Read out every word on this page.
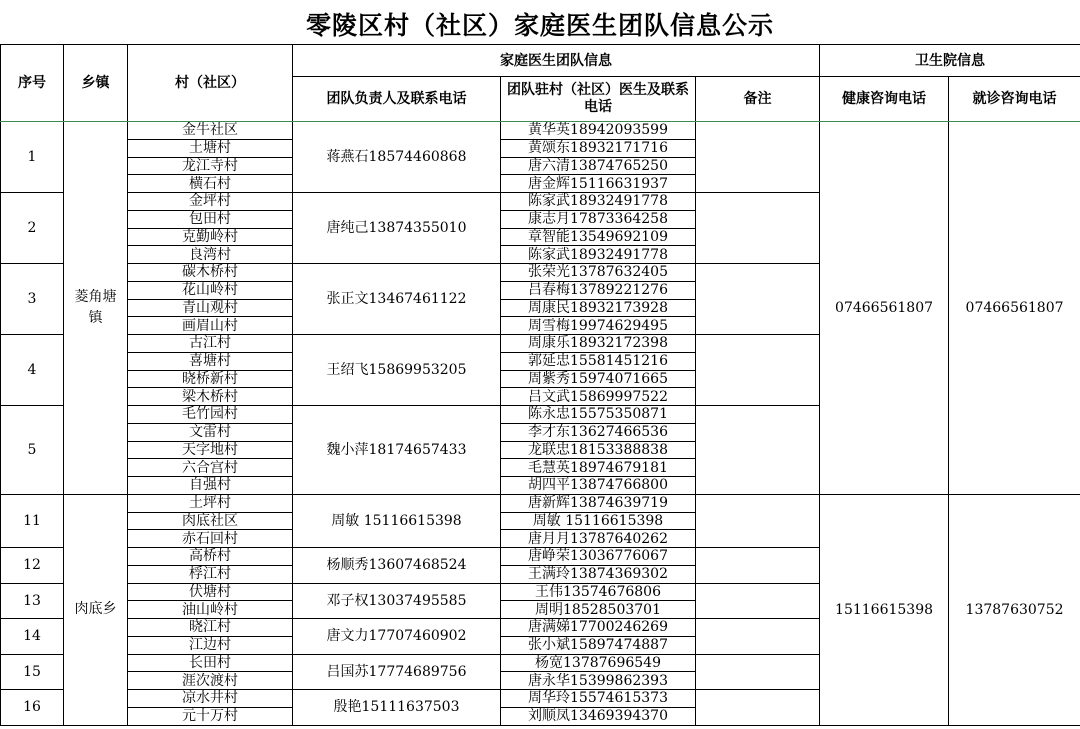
零陵区村（社区）家庭医生团队信息公示
序号	乡镇	村（社区）	家庭医生团队信息			卫生院信息	
			团队负责人及联系电话	团队驻村（社区）医生及联系电话	备注	健康咨询电话	就诊咨询电话
1	菱角塘镇	金牛社区	蒋燕石18574460868	黄华英18942093599		07466561807	07466561807
		土塘村		黄颂东18932171716			
		龙江寺村		唐六清13874765250			
		横石村		唐金辉15116631937			
2		金坪村	唐纯己13874355010	陈家武18932491778			
		包田村		康志月17873364258			
		克勤岭村		章智能13549692109			
		良湾村		陈家武18932491778			
3		碳木桥村	张正文13467461122	张荣光13787632405			
		花山岭村		吕春梅13789221276			
		青山观村		周康民18932173928			
		画眉山村		周雪梅19974629495			
4		古江村	王绍飞15869953205	周康乐18932172398			
		喜塘村		郭延忠15581451216			
		晓桥新村		周紫秀15974071665			
		梁木桥村		吕文武15869997522			
5		毛竹园村	魏小萍18174657433	陈永忠15575350871			
		文雷村		李才东13627466536			
		天字地村		龙联忠18153388838			
		六合宫村		毛慧英18974679181			
		自强村		胡四平13874766800			
11	肉底乡	土坪村	周敏 15116615398	唐新辉13874639719		15116615398	13787630752
		肉底社区		周敏 15116615398			
		赤石回村		唐月月13787640262			
12		高桥村	杨顺秀13607468524	唐峥荣13036776067			
		桴江村		王满玲13874369302			
13		伏塘村	邓子权13037495585	王伟13574676806			
		油山岭村		周明18528503701			
14		晓江村	唐文力17707460902	唐满娣17700246269			
		江边村		张小斌15897474887			
15		长田村	吕国苏17774689756	杨宽13787696549			
		涯次渡村		唐永华15399862393			
16		凉水井村	殷艳15111637503	周华玲15574615373			
		元十万村		刘顺凤13469394370			
